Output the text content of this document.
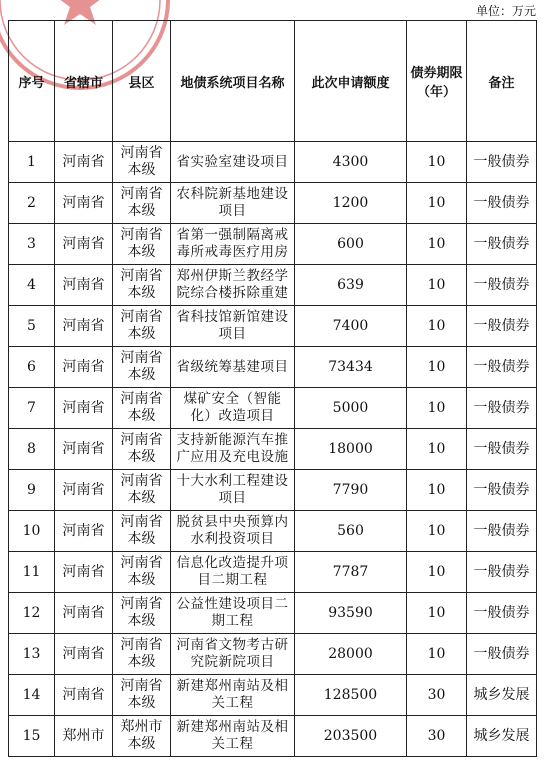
单位：万元
序号	省辖市	县区	地债系统项目名称	此次申请额度	债券期限（年）	备注
1	河南省	河南省本级	省实验室建设项目	4300	10	一般债券
2	河南省	河南省本级	农科院新基地建设项目	1200	10	一般债券
3	河南省	河南省本级	省第一强制隔离戒毒所戒毒医疗用房	600	10	一般债券
4	河南省	河南省本级	郑州伊斯兰教经学院综合楼拆除重建	639	10	一般债券
5	河南省	河南省本级	省科技馆新馆建设项目	7400	10	一般债券
6	河南省	河南省本级	省级统筹基建项目	73434	10	一般债券
7	河南省	河南省本级	煤矿安全（智能化）改造项目	5000	10	一般债券
8	河南省	河南省本级	支持新能源汽车推广应用及充电设施	18000	10	一般债券
9	河南省	河南省本级	十大水利工程建设项目	7790	10	一般债券
10	河南省	河南省本级	脱贫县中央预算内水利投资项目	560	10	一般债券
11	河南省	河南省本级	信息化改造提升项目二期工程	7787	10	一般债券
12	河南省	河南省本级	公益性建设项目二期工程	93590	10	一般债券
13	河南省	河南省本级	河南省文物考古研究院新院项目	28000	10	一般债券
14	河南省	河南省本级	新建郑州南站及相关工程	128500	30	城乡发展
15	郑州市	郑州市本级	新建郑州南站及相关工程	203500	30	城乡发展
